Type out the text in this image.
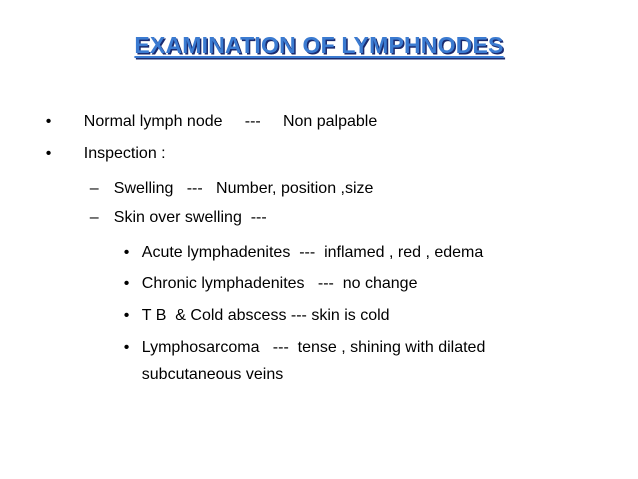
EXAMINATION OF LYMPHNODES

• Normal lymph node     ---     Non palpable

• Inspection :

– Swelling   ---   Number, position ,size

– Skin over swelling  ---

• Acute lymphadenites  ---  inflamed , red , edema

• Chronic lymphadenites   ---  no change

• T B  & Cold abscess --- skin is cold

• Lymphosarcoma   ---  tense , shining with dilated

subcutaneous veins
